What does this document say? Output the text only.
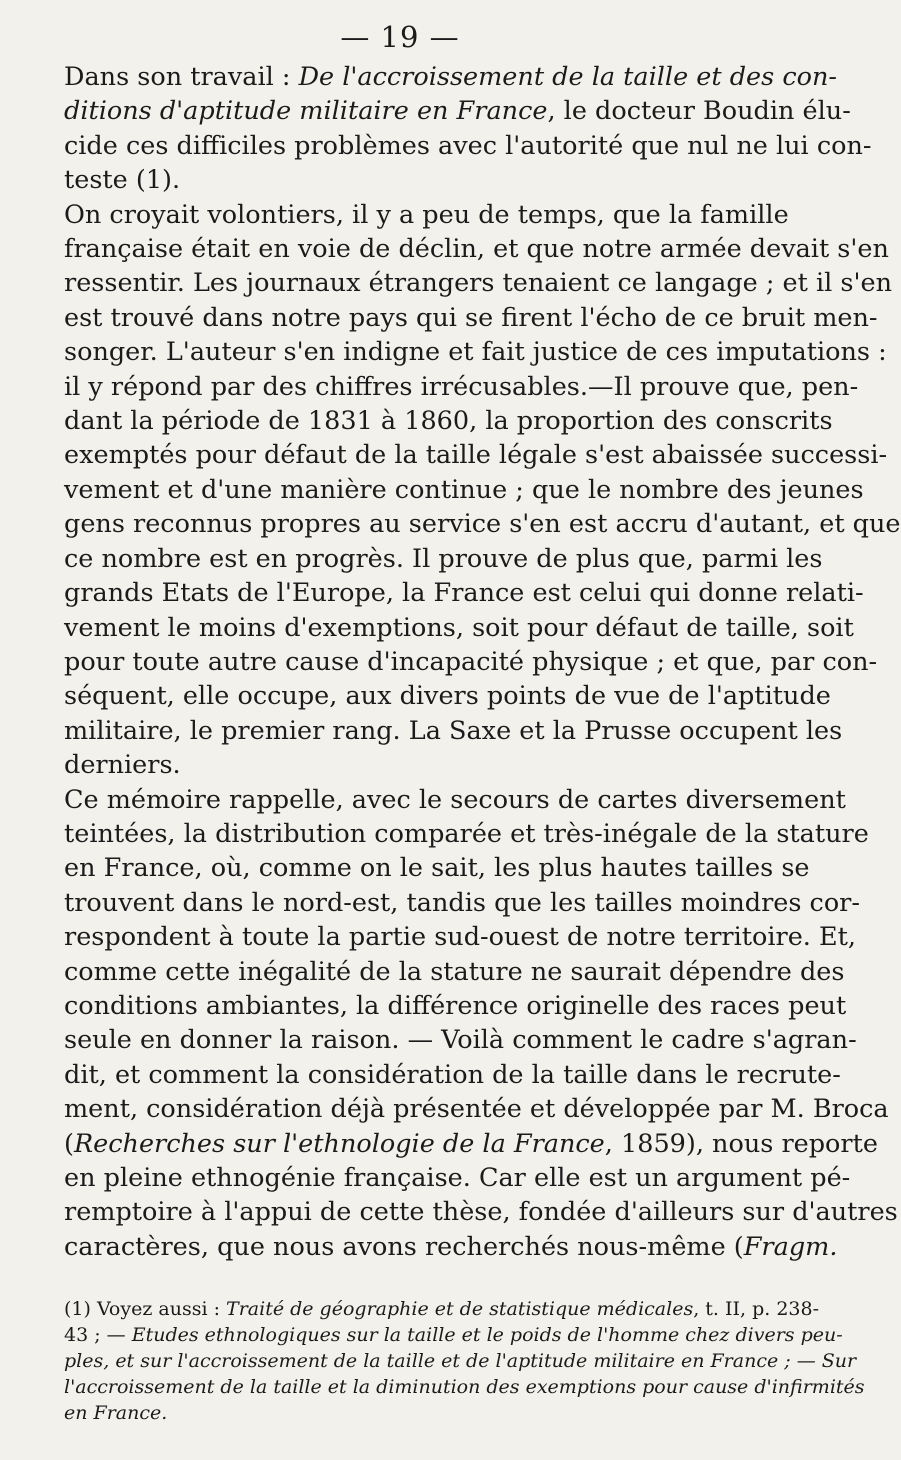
— 19 —

Dans son travail : De l'accroissement de la taille et des con-
ditions d'aptitude militaire en France, le docteur Boudin élu-
cide ces difficiles problèmes avec l'autorité que nul ne lui con-
teste (1).

On croyait volontiers, il y a peu de temps, que la famille
française était en voie de déclin, et que notre armée devait s'en
ressentir. Les journaux étrangers tenaient ce langage ; et il s'en
est trouvé dans notre pays qui se firent l'écho de ce bruit men-
songer. L'auteur s'en indigne et fait justice de ces imputations :
il y répond par des chiffres irrécusables.—Il prouve que, pen-
dant la période de 1831 à 1860, la proportion des conscrits
exemptés pour défaut de la taille légale s'est abaissée successi-
vement et d'une manière continue ; que le nombre des jeunes
gens reconnus propres au service s'en est accru d'autant, et que
ce nombre est en progrès. Il prouve de plus que, parmi les
grands Etats de l'Europe, la France est celui qui donne relati-
vement le moins d'exemptions, soit pour défaut de taille, soit
pour toute autre cause d'incapacité physique ; et que, par con-
séquent, elle occupe, aux divers points de vue de l'aptitude
militaire, le premier rang. La Saxe et la Prusse occupent les
derniers.

Ce mémoire rappelle, avec le secours de cartes diversement
teintées, la distribution comparée et très-inégale de la stature
en France, où, comme on le sait, les plus hautes tailles se
trouvent dans le nord-est, tandis que les tailles moindres cor-
respondent à toute la partie sud-ouest de notre territoire. Et,
comme cette inégalité de la stature ne saurait dépendre des
conditions ambiantes, la différence originelle des races peut
seule en donner la raison. — Voilà comment le cadre s'agran-
dit, et comment la considération de la taille dans le recrute-
ment, considération déjà présentée et développée par M. Broca
(Recherches sur l'ethnologie de la France, 1859), nous reporte
en pleine ethnogénie française. Car elle est un argument pé-
remptoire à l'appui de cette thèse, fondée d'ailleurs sur d'autres
caractères, que nous avons recherchés nous-même (Fragm.

(1) Voyez aussi : Traité de géographie et de statistique médicales, t. II, p. 238-
43 ; — Etudes ethnologiques sur la taille et le poids de l'homme chez divers peu-
ples, et sur l'accroissement de la taille et de l'aptitude militaire en France ; — Sur
l'accroissement de la taille et la diminution des exemptions pour cause d'infirmités
en France.
